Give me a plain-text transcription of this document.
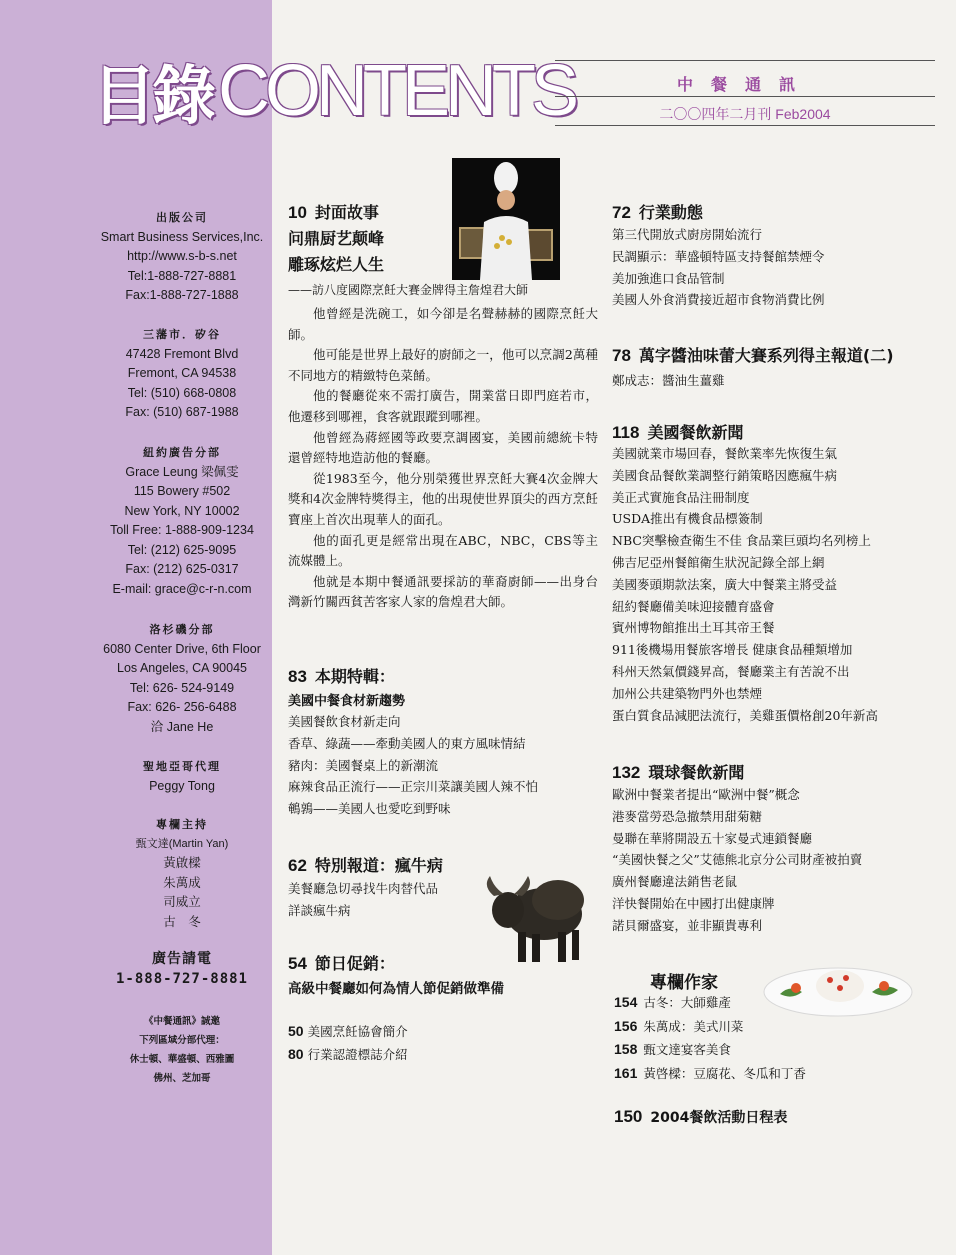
目錄 CONTENTS	中餐通訊
二〇〇四年二月刊 Feb2004
出版公司
Smart Business Services,Inc.
http://www.s-b-s.net
Tel:1-888-727-8881
Fax:1-888-727-1888
三藩市．矽谷
47428 Fremont Blvd
Fremont, CA 94538
Tel: (510) 668-0808
Fax: (510) 687-1988
紐約廣告分部
Grace Leung 梁佩雯
115 Bowery #502
New York, NY 10002
Toll Free: 1-888-909-1234
Tel: (212) 625-9095
Fax: (212) 625-0317
E-mail: grace@c-r-n.com
洛杉磯分部
6080 Center Drive, 6th Floor
Los Angeles, CA 90045
Tel: 626- 524-9149
Fax: 626- 256-6488
洽 Jane He
聖地亞哥代理
Peggy Tong
專欄主持
甄文達(Martin Yan)
黃啟樑
朱萬成
司威立
古　冬
廣告請電
1-888-727-8881
《中餐通訊》誠邀
下列區域分部代理：
休士頓、華盛頓、西雅圖
佛州、芝加哥
10 封面故事
问鼎厨艺颠峰
雕琢炫烂人生
——訪八度國際烹飪大賽金牌得主詹煌君大師

他曾經是洗碗工，如今卻是名聲赫赫的國際烹飪大師。

他可能是世界上最好的廚師之一，他可以烹調2萬種不同地方的精緻特色菜餚。

他的餐廳從來不需打廣告，開業當日即門庭若市，他遷移到哪裡，食客就跟蹤到哪裡。

他曾經為蔣經國等政要烹調國宴，美國前總統卡特還曾經特地造訪他的餐廳。

從1983至今，他分別榮獲世界烹飪大賽4次金牌大獎和4次金牌特獎得主，他的出現使世界頂尖的西方烹飪寶座上首次出現華人的面孔。

他的面孔更是經常出現在ABC，NBC，CBS等主流媒體上。

他就是本期中餐通訊要採訪的華裔廚師——出身台灣新竹關西貧苦客家人家的詹煌君大師。

83 本期特輯：
美國中餐食材新趨勢
美國餐飲食材新走向
香草、綠蔬——牽動美國人的東方風味情結
豬肉：美國餐桌上的新潮流
麻辣食品正流行——正宗川菜讓美國人辣不怕
鵪鶉——美國人也愛吃到野味
62 特別報道：瘋牛病
美餐廳急切尋找牛肉替代品
詳談瘋牛病
54 節日促銷：
高級中餐廳如何為情人節促銷做準備
50 美國烹飪協會簡介
80 行業認證標誌介紹
72 行業動態
第三代開放式廚房開始流行
民調顯示：華盛頓特區支持餐館禁煙令
美加強進口食品管制
美國人外食消費接近超市食物消費比例
78 萬字醬油味蕾大賽系列得主報道(二)
鄭成志：醬油生薑雞
118 美國餐飲新聞
美國就業市場回春，餐飲業率先恢復生氣
美國食品餐飲業調整行銷策略因應瘋牛病
美正式實施食品注冊制度
USDA推出有機食品標簽制
NBC突擊檢查衛生不佳 食品業巨頭均名列榜上
佛吉尼亞州餐館衛生狀況記錄全部上網
美國麥頭期款法案，廣大中餐業主將受益
紐約餐廳備美味迎接體育盛會
賓州博物館推出土耳其帝王餐
911後機場用餐旅客增長 健康食品種類增加
科州天然氣價錢昇高，餐廳業主有苦說不出
加州公共建築物門外也禁煙
蛋白質食品減肥法流行，美雞蛋價格創20年新高
132 環球餐飲新聞
歐洲中餐業者提出“歐洲中餐”概念
港麥當勞恐急撤禁用甜菊糖
曼聯在華將開設五十家曼式連鎖餐廳
“美國快餐之父”艾德熊北京分公司財產被拍賣
廣州餐廳違法銷售老鼠
洋快餐開始在中國打出健康牌
諾貝爾盛宴，並非顯貴專利
專欄作家
154 古冬：大師雞產
156 朱萬成：美式川菜
158 甄文達宴客美食
161 黃啓樑：豆腐花、冬瓜和丁香
150 2004餐飲活動日程表
